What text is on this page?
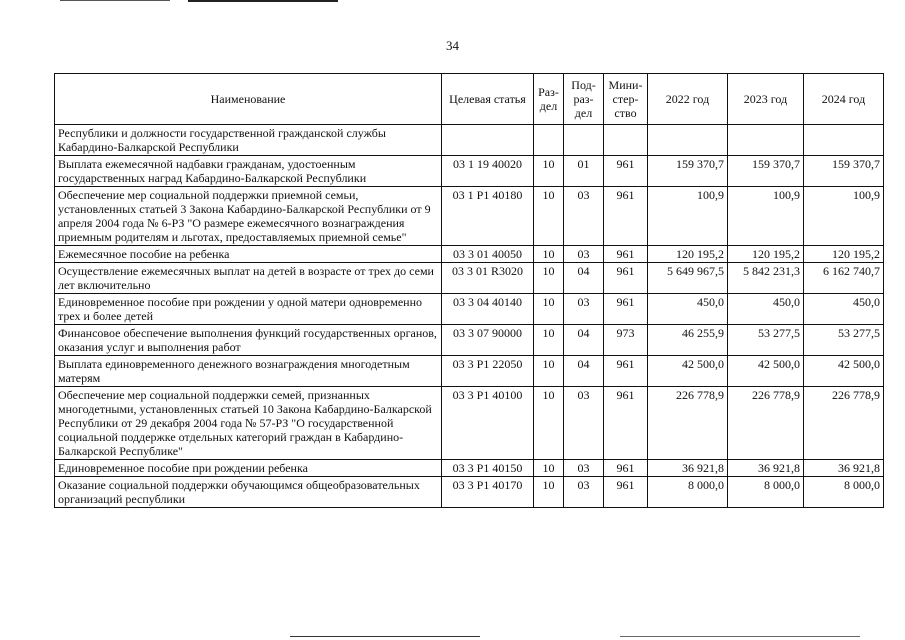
34
Наименование	Целевая статья	Раз-дел	Под-раз-дел	Мини-стер-ство	2022 год	2023 год	2024 год
Республики и должности государственной гражданской службы Кабардино-Балкарской Республики							
Выплата ежемесячной надбавки гражданам, удостоенным государственных наград Кабардино-Балкарской Республики	03 1 19 40020	10	01	961	159 370,7	159 370,7	159 370,7
Обеспечение мер социальной поддержки приемной семьи, установленных статьей 3 Закона Кабардино-Балкарской Республики от 9 апреля 2004 года № 6-РЗ "О размере ежемесячного вознаграждения приемным родителям и льготах, предоставляемых приемной семье"	03 1 Р1 40180	10	03	961	100,9	100,9	100,9
Ежемесячное пособие на ребенка	03 3 01 40050	10	03	961	120 195,2	120 195,2	120 195,2
Осуществление ежемесячных выплат на детей в возрасте от трех до семи лет включительно	03 3 01 R3020	10	04	961	5 649 967,5	5 842 231,3	6 162 740,7
Единовременное пособие при рождении у одной матери одновременно трех и более детей	03 3 04 40140	10	03	961	450,0	450,0	450,0
Финансовое обеспечение выполнения функций государственных органов, оказания услуг и выполнения работ	03 3 07 90000	10	04	973	46 255,9	53 277,5	53 277,5
Выплата единовременного денежного вознаграждения многодетным матерям	03 3 Р1 22050	10	04	961	42 500,0	42 500,0	42 500,0
Обеспечение мер социальной поддержки семей, признанных многодетными, установленных статьей 10 Закона Кабардино-Балкарской Республики от 29 декабря 2004 года № 57-РЗ "О государственной социальной поддержке отдельных категорий граждан в Кабардино-Балкарской Республике"	03 3 Р1 40100	10	03	961	226 778,9	226 778,9	226 778,9
Единовременное пособие при рождении ребенка	03 3 Р1 40150	10	03	961	36 921,8	36 921,8	36 921,8
Оказание социальной поддержки обучающимся общеобразовательных организаций республики	03 3 Р1 40170	10	03	961	8 000,0	8 000,0	8 000,0
